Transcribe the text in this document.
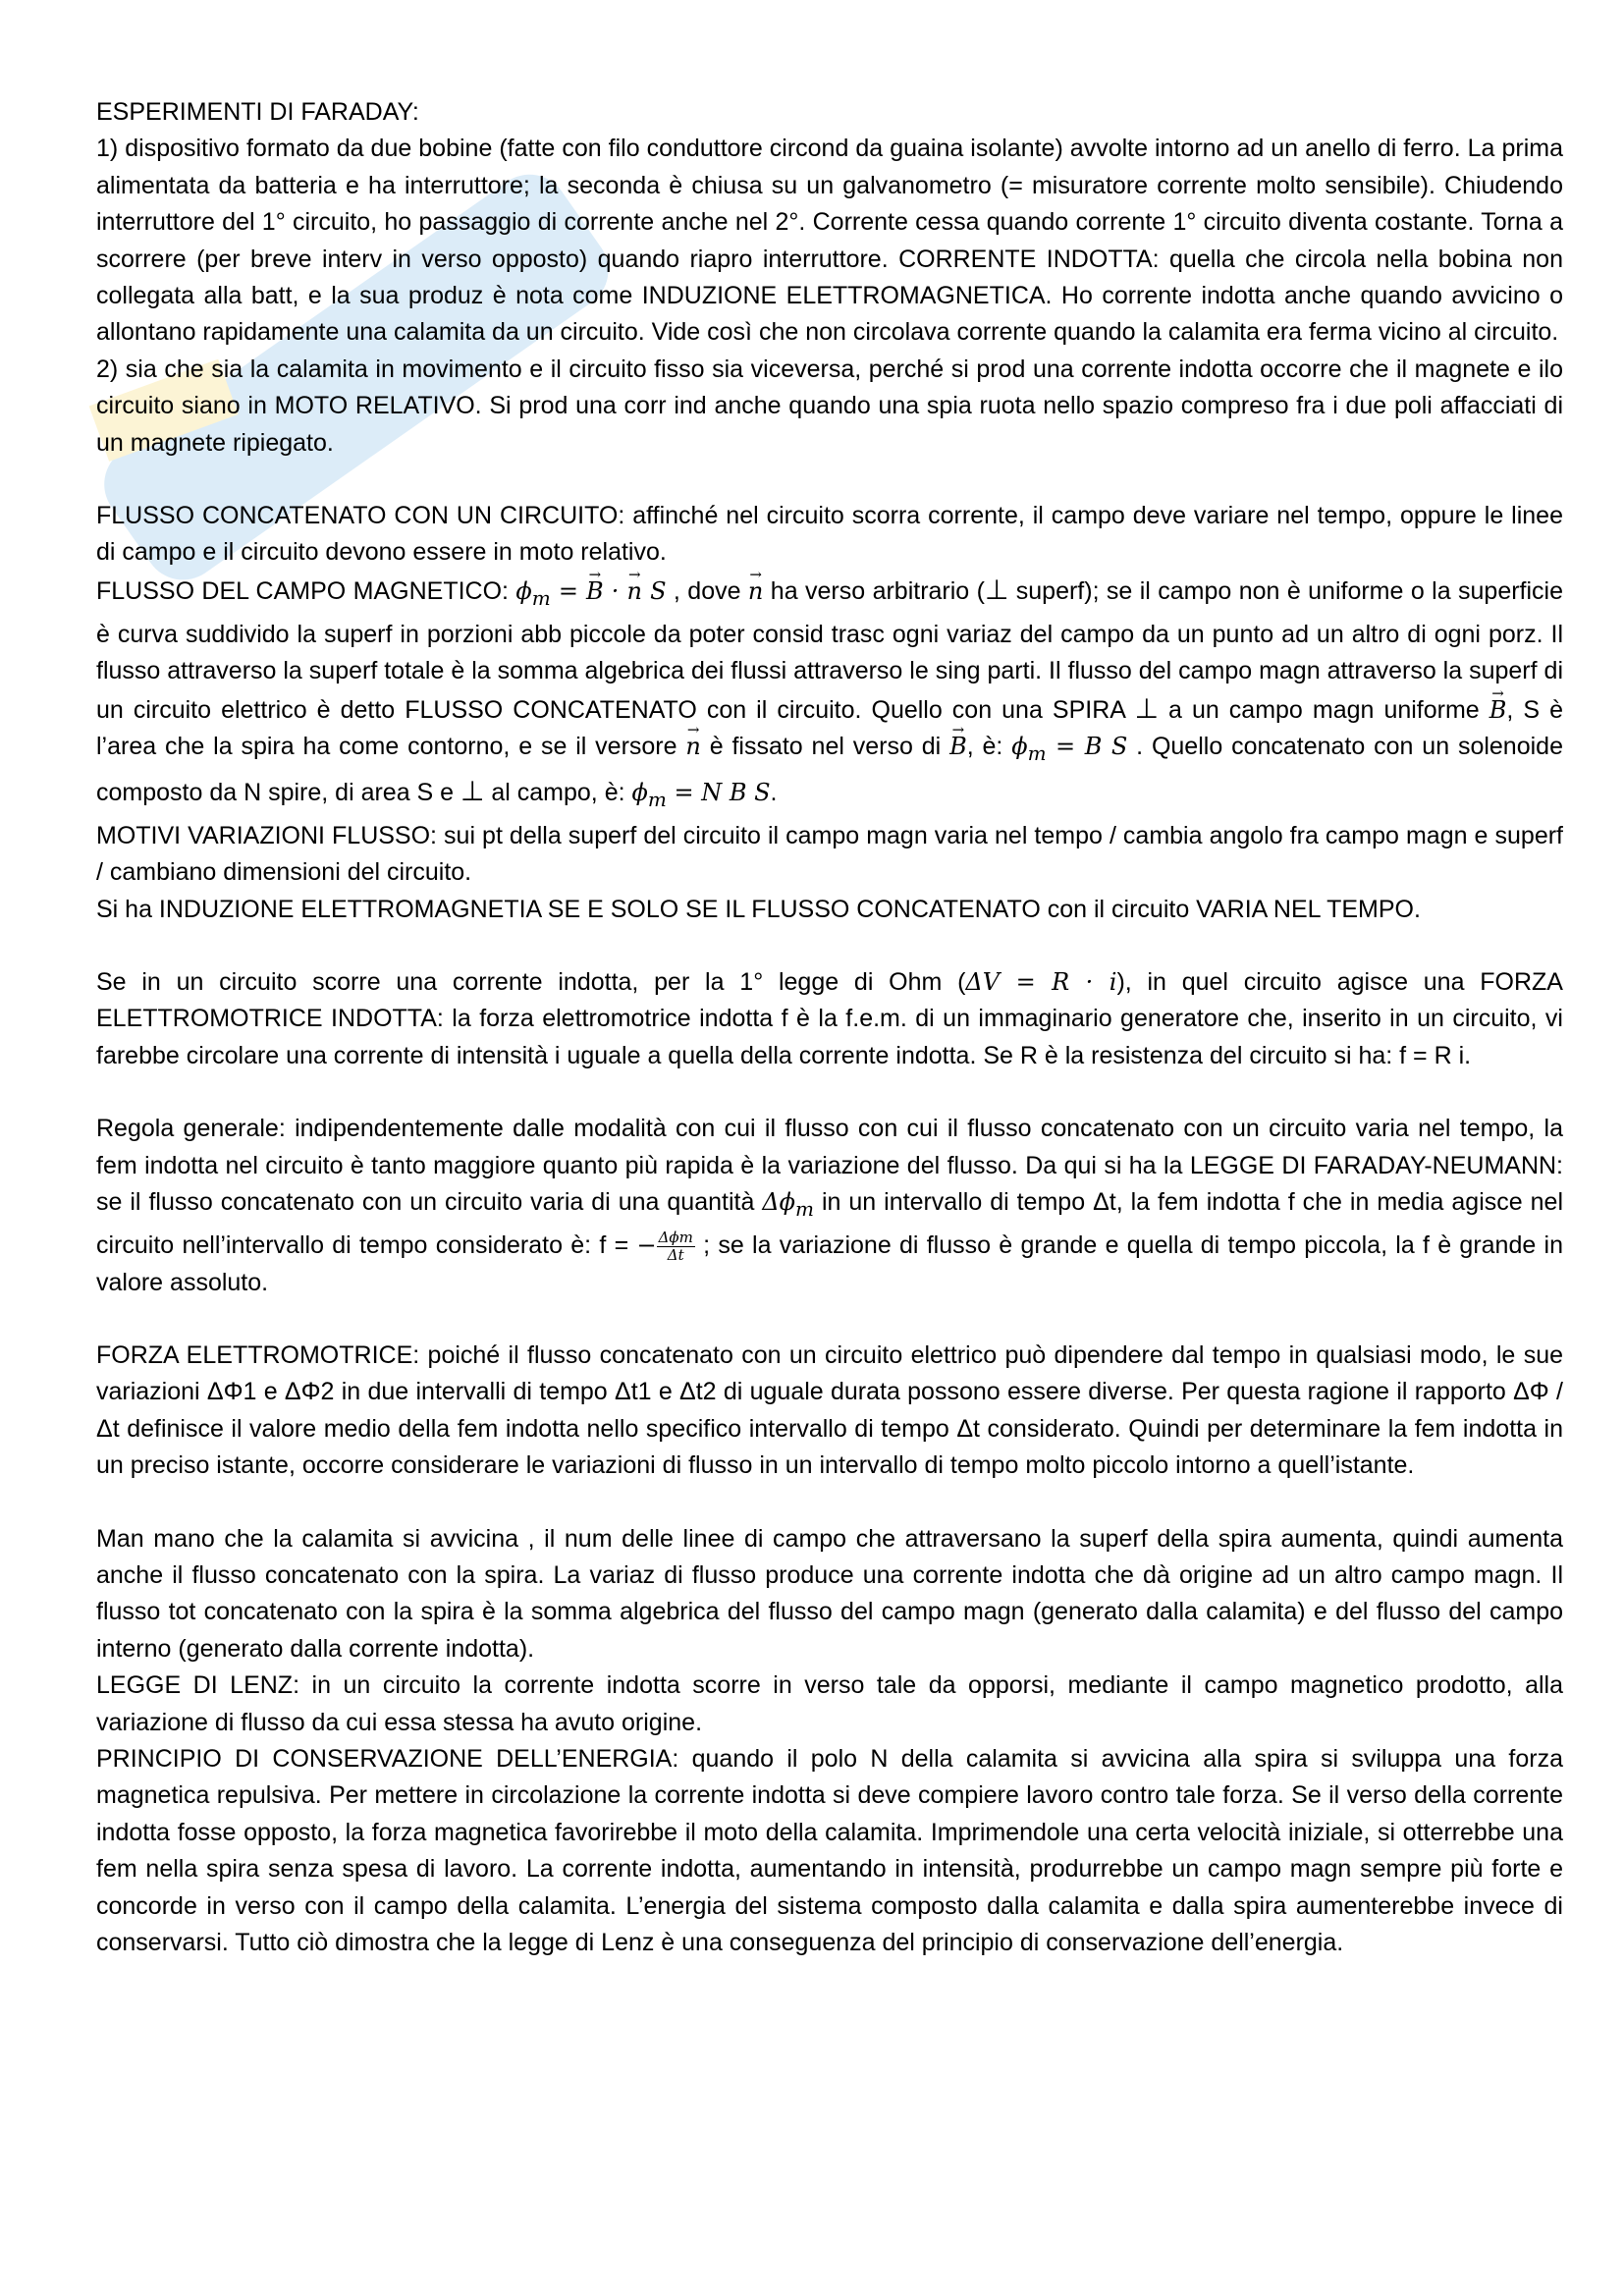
ESPERIMENTI DI FARADAY:

1) dispositivo formato da due bobine (fatte con filo conduttore circond da guaina isolante) avvolte intorno ad un anello di ferro. La prima alimentata da batteria e ha interruttore; la seconda è chiusa su un galvanometro (= misuratore corrente molto sensibile). Chiudendo interruttore del 1° circuito, ho passaggio di corrente anche nel 2°. Corrente cessa quando corrente 1° circuito diventa costante. Torna a scorrere (per breve interv in verso opposto) quando riapro interruttore. CORRENTE INDOTTA: quella che circola nella bobina non collegata alla batt, e la sua produz è nota come INDUZIONE ELETTROMAGNETICA. Ho corrente indotta anche quando avvicino o allontano rapidamente una calamita da un circuito. Vide così che non circolava corrente quando la calamita era ferma vicino al circuito.

2) sia che sia la calamita in movimento e il circuito fisso sia viceversa, perché si prod una corrente indotta occorre che il magnete e ilo circuito siano in MOTO RELATIVO. Si prod una corr ind anche quando una spia ruota nello spazio compreso fra i due poli affacciati di un magnete ripiegato.

FLUSSO CONCATENATO CON UN CIRCUITO: affinché nel circuito scorra corrente, il campo deve variare nel tempo, oppure le linee di campo e il circuito devono essere in moto relativo.

FLUSSO DEL CAMPO MAGNETICO: $\phi_m$ = → B · → n S , dove → n ha verso arbitrario (⊥ superf); se il campo non è uniforme o la superficie è curva suddivido la superf in porzioni abb piccole da poter consid trasc ogni variaz del campo da un punto ad un altro di ogni porz. Il flusso attraverso la superf totale è la somma algebrica dei flussi attraverso le sing parti. Il flusso del campo magn attraverso la superf di un circuito elettrico è detto FLUSSO CONCATENATO con il circuito. Quello con una SPIRA ⊥ a un campo magn uniforme → B, S è l’area che la spira ha come contorno, e se il versore → n è fissato nel verso di → B, è: $\phi_m = B$ S . Quello concatenato con un solenoide composto da N spire, di area S e ⊥ al campo, è: $\phi_m = N$ B S.

MOTIVI VARIAZIONI FLUSSO: sui pt della superf del circuito il campo magn varia nel tempo / cambia angolo fra campo magn e superf / cambiano dimensioni del circuito.

Si ha INDUZIONE ELETTROMAGNETIA SE E SOLO SE IL FLUSSO CONCATENATO con il circuito VARIA NEL TEMPO.

Se in un circuito scorre una corrente indotta, per la 1° legge di Ohm (ΔV = R · i), in quel circuito agisce una FORZA ELETTROMOTRICE INDOTTA: la forza elettromotrice indotta f è la f.e.m. di un immaginario generatore che, inserito in un circuito, vi farebbe circolare una corrente di intensità i uguale a quella della corrente indotta. Se R è la resistenza del circuito si ha: f = R i.

Regola generale: indipendentemente dalle modalità con cui il flusso con cui il flusso concatenato con un circuito varia nel tempo, la fem indotta nel circuito è tanto maggiore quanto più rapida è la variazione del flusso. Da qui si ha la LEGGE DI FARADAY-NEUMANN: se il flusso concatenato con un circuito varia di una quantità $\Delta\phi_m$ in un intervallo di tempo Δt, la fem indotta f che in media agisce nel circuito nell’intervallo di tempo considerato è: f = − $\frac{\text{Δϕm}}{\Delta t}$ ; se la variazione di flusso è grande e quella di tempo piccola, la f è grande in valore assoluto.

FORZA ELETTROMOTRICE: poiché il flusso concatenato con un circuito elettrico può dipendere dal tempo in qualsiasi modo, le sue variazioni ΔΦ1 e ΔΦ2 in due intervalli di tempo Δt1 e Δt2 di uguale durata possono essere diverse. Per questa ragione il rapporto ΔΦ / Δt definisce il valore medio della fem indotta nello specifico intervallo di tempo Δt considerato. Quindi per determinare la fem indotta in un preciso istante, occorre considerare le variazioni di flusso in un intervallo di tempo molto piccolo intorno a quell’istante.

Man mano che la calamita si avvicina , il num delle linee di campo che attraversano la superf della spira aumenta, quindi aumenta anche il flusso concatenato con la spira. La variaz di flusso produce una corrente indotta che dà origine ad un altro campo magn. Il flusso tot concatenato con la spira è la somma algebrica del flusso del campo magn (generato dalla calamita) e del flusso del campo interno (generato dalla corrente indotta).

LEGGE DI LENZ: in un circuito la corrente indotta scorre in verso tale da opporsi, mediante il campo magnetico prodotto, alla variazione di flusso da cui essa stessa ha avuto origine.

PRINCIPIO DI CONSERVAZIONE DELL’ENERGIA: quando il polo N della calamita si avvicina alla spira si sviluppa una forza magnetica repulsiva. Per mettere in circolazione la corrente indotta si deve compiere lavoro contro tale forza. Se il verso della corrente indotta fosse opposto, la forza magnetica favorirebbe il moto della calamita. Imprimendole una certa velocità iniziale, si otterrebbe una fem nella spira senza spesa di lavoro. La corrente indotta, aumentando in intensità, produrrebbe un campo magn sempre più forte e concorde in verso con il campo della calamita. L’energia del sistema composto dalla calamita e dalla spira aumenterebbe invece di conservarsi. Tutto ciò dimostra che la legge di Lenz è una conseguenza del principio di conservazione dell’energia.
